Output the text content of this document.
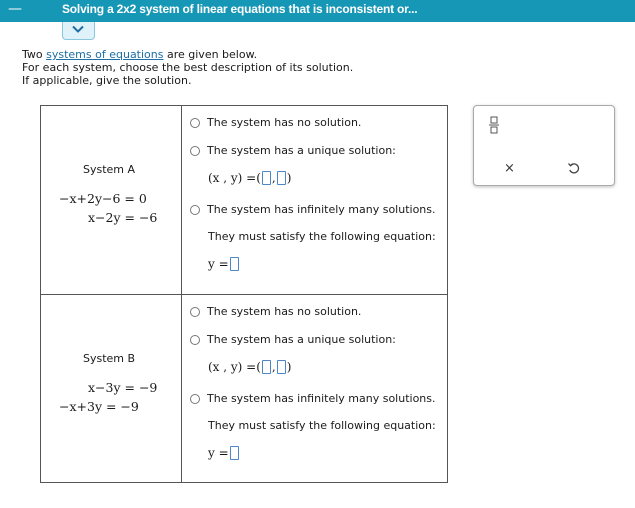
—	Solving a 2x2 system of linear equations that is inconsistent or...
Two systems of equations are given below.
For each system, choose the best description of its solution.
If applicable, give the solution.
System A
−x+2y−6 = 0
x−2y = −6
The system has no solution.
The system has a unique solution:
(x , y) = ( , )
The system has infinitely many solutions.
They must satisfy the following equation:
y =
System B
x−3y = −9
−x+3y = −9
The system has no solution.
The system has a unique solution:
(x , y) = ( , )
The system has infinitely many solutions.
They must satisfy the following equation:
y =
×
